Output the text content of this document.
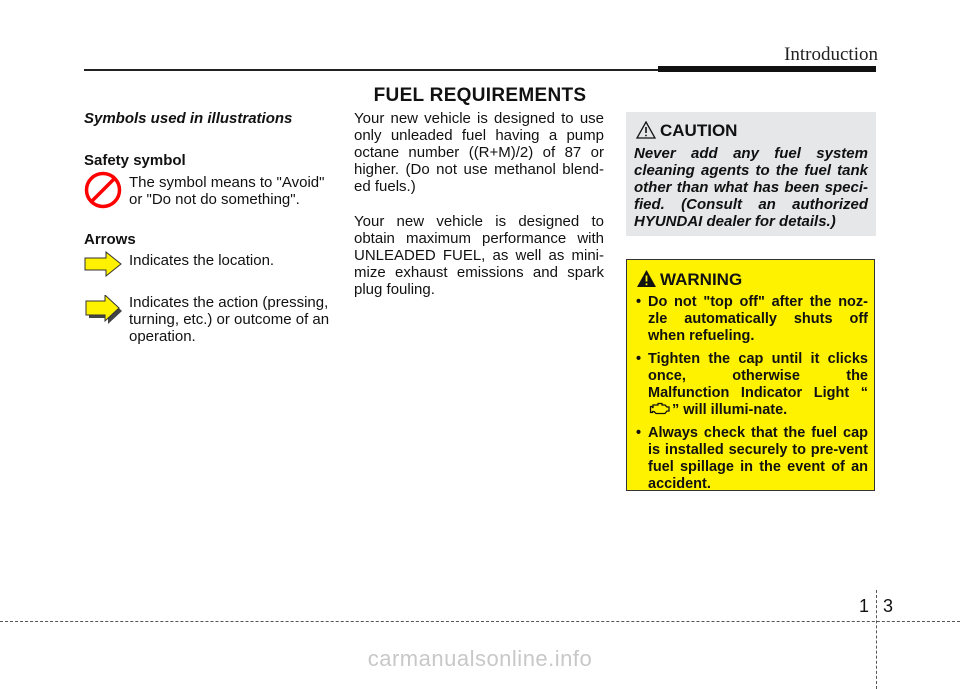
Introduction
FUEL REQUIREMENTS
Symbols used in illustrations
Safety symbol
The symbol means to "Avoid"
or "Do not do something".
Arrows
Indicates the location.
Indicates the action (pressing,
turning, etc.) or outcome of an
operation.
Your new vehicle is designed to use only unleaded fuel having a pump octane number ((R+M)/2) of 87 or higher. (Do not use methanol blend-ed fuels.)
Your new vehicle is designed to obtain maximum performance with UNLEADED FUEL, as well as mini-mize exhaust emissions and spark plug fouling.
CAUTION
Never add any fuel system cleaning agents to the fuel tank other than what has been speci-fied. (Consult an authorized HYUNDAI dealer for details.)
WARNING
• Do not "top off" after the noz-zle automatically shuts off when refueling.
• Tighten the cap until it clicks once, otherwise the Malfunction Indicator Light “” will illumi-nate.
• Always check that the fuel cap is installed securely to pre-vent fuel spillage in the event of an accident.
1 3
carmanualsonline.info
